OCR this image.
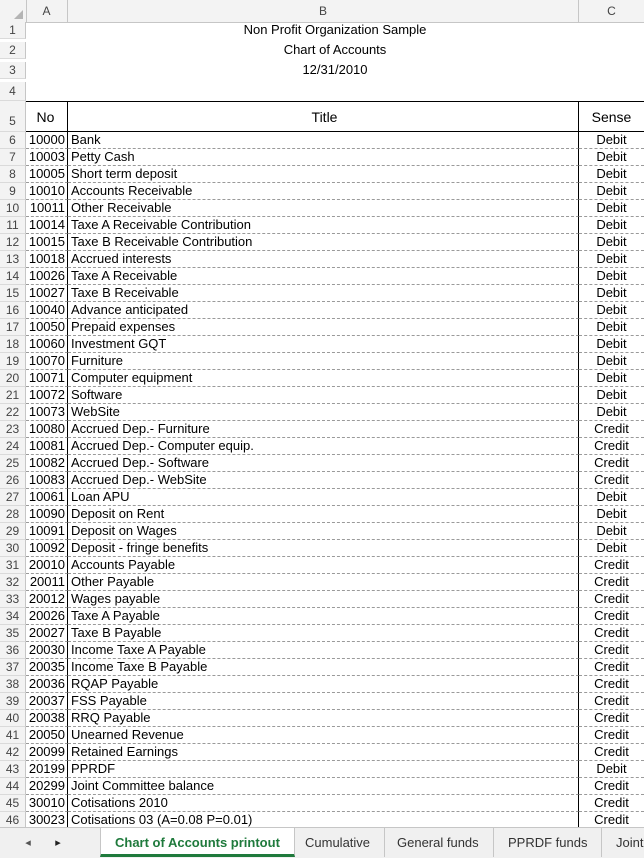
A	B	C
1	Non Profit Organization Sample
2	Chart of Accounts
3	12/31/2010
4
5	No	Title	Sense
6	10000 Bank	Debit
7	10003 Petty Cash	Debit
8	10005 Short term deposit	Debit
9	10010 Accounts Receivable	Debit
10 10011 Other Receivable	Debit
11 10014 Taxe A Receivable Contribution	Debit
12 10015 Taxe B Receivable Contribution	Debit
13 10018 Accrued interests	Debit
14 10026 Taxe A Receivable	Debit
15 10027 Taxe B Receivable	Debit
16 10040 Advance anticipated	Debit
17 10050 Prepaid expenses	Debit
18 10060 Investment GQT	Debit
19 10070 Furniture	Debit
20 10071 Computer equipment	Debit
21 10072 Software	Debit
22 10073 WebSite	Debit
23 10080 Accrued Dep.- Furniture	Credit
24 10081 Accrued Dep.- Computer equip.	Credit
25 10082 Accrued Dep.- Software	Credit
26 10083 Accrued Dep.- WebSite	Credit
27 10061 Loan APU	Debit
28 10090 Deposit on Rent	Debit
29 10091 Deposit on Wages	Debit
30 10092 Deposit - fringe benefits	Debit
31 20010 Accounts Payable	Credit
32 20011 Other Payable	Credit
33 20012 Wages payable	Credit
34 20026 Taxe A Payable	Credit
35 20027 Taxe B Payable	Credit
36 20030 Income Taxe A Payable	Credit
37 20035 Income Taxe B Payable	Credit
38 20036 RQAP Payable	Credit
39 20037 FSS Payable	Credit
40 20038 RRQ Payable	Credit
41 20050 Unearned Revenue	Credit
42 20099 Retained Earnings	Credit
43 20199 PPRDF	Debit
44 20299 Joint Committee balance	Credit
45 30010 Cotisations 2010	Credit
46 30023 Cotisations 03 (A=0.08 P=0.01)	Credit
◂	▸	Chart of Accounts printout	Cumulative	General funds	PPRDF funds	Joint
